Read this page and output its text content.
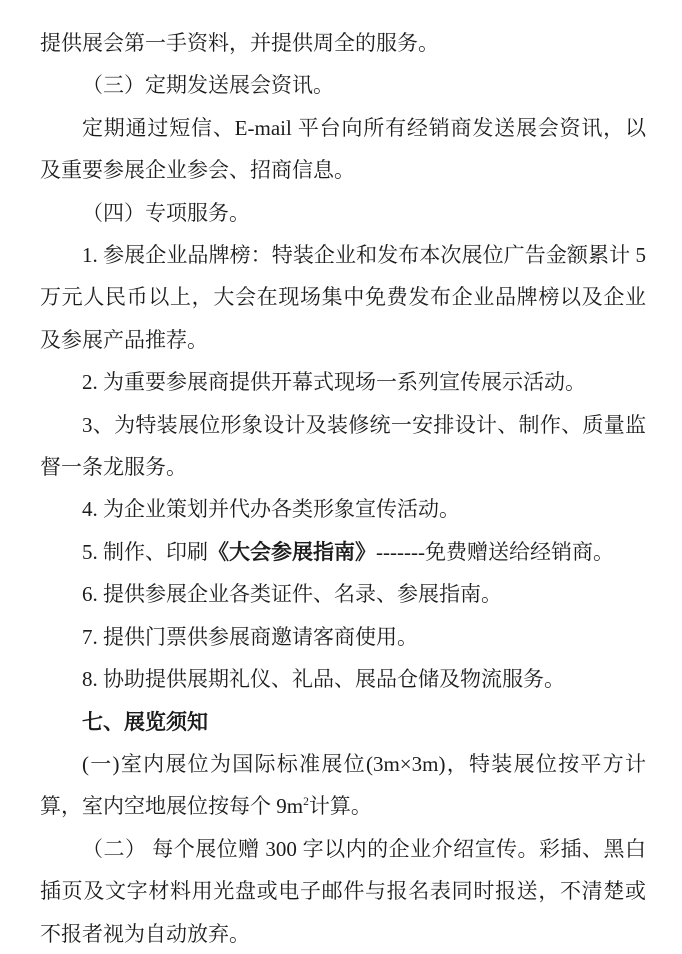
提供展会第一手资料，并提供周全的服务。

（三）定期发送展会资讯。

定期通过短信、E-mail 平台向所有经销商发送展会资讯，以及重要参展企业参会、招商信息。

（四）专项服务。

1. 参展企业品牌榜：特装企业和发布本次展位广告金额累计 5 万元人民币以上，大会在现场集中免费发布企业品牌榜以及企业及参展产品推荐。

2. 为重要参展商提供开幕式现场一系列宣传展示活动。

3、为特装展位形象设计及装修统一安排设计、制作、质量监督一条龙服务。

4. 为企业策划并代办各类形象宣传活动。

5. 制作、印刷《大会参展指南》-------免费赠送给经销商。

6. 提供参展企业各类证件、名录、参展指南。

7. 提供门票供参展商邀请客商使用。

8. 协助提供展期礼仪、礼品、展品仓储及物流服务。

七、展览须知

(一)室内展位为国际标准展位(3m×3m)，特装展位按平方计算，室内空地展位按每个 $9m^2$计算。

（二） 每个展位赠 300 字以内的企业介绍宣传。彩插、黑白插页及文字材料用光盘或电子邮件与报名表同时报送，不清楚或不报者视为自动放弃。
